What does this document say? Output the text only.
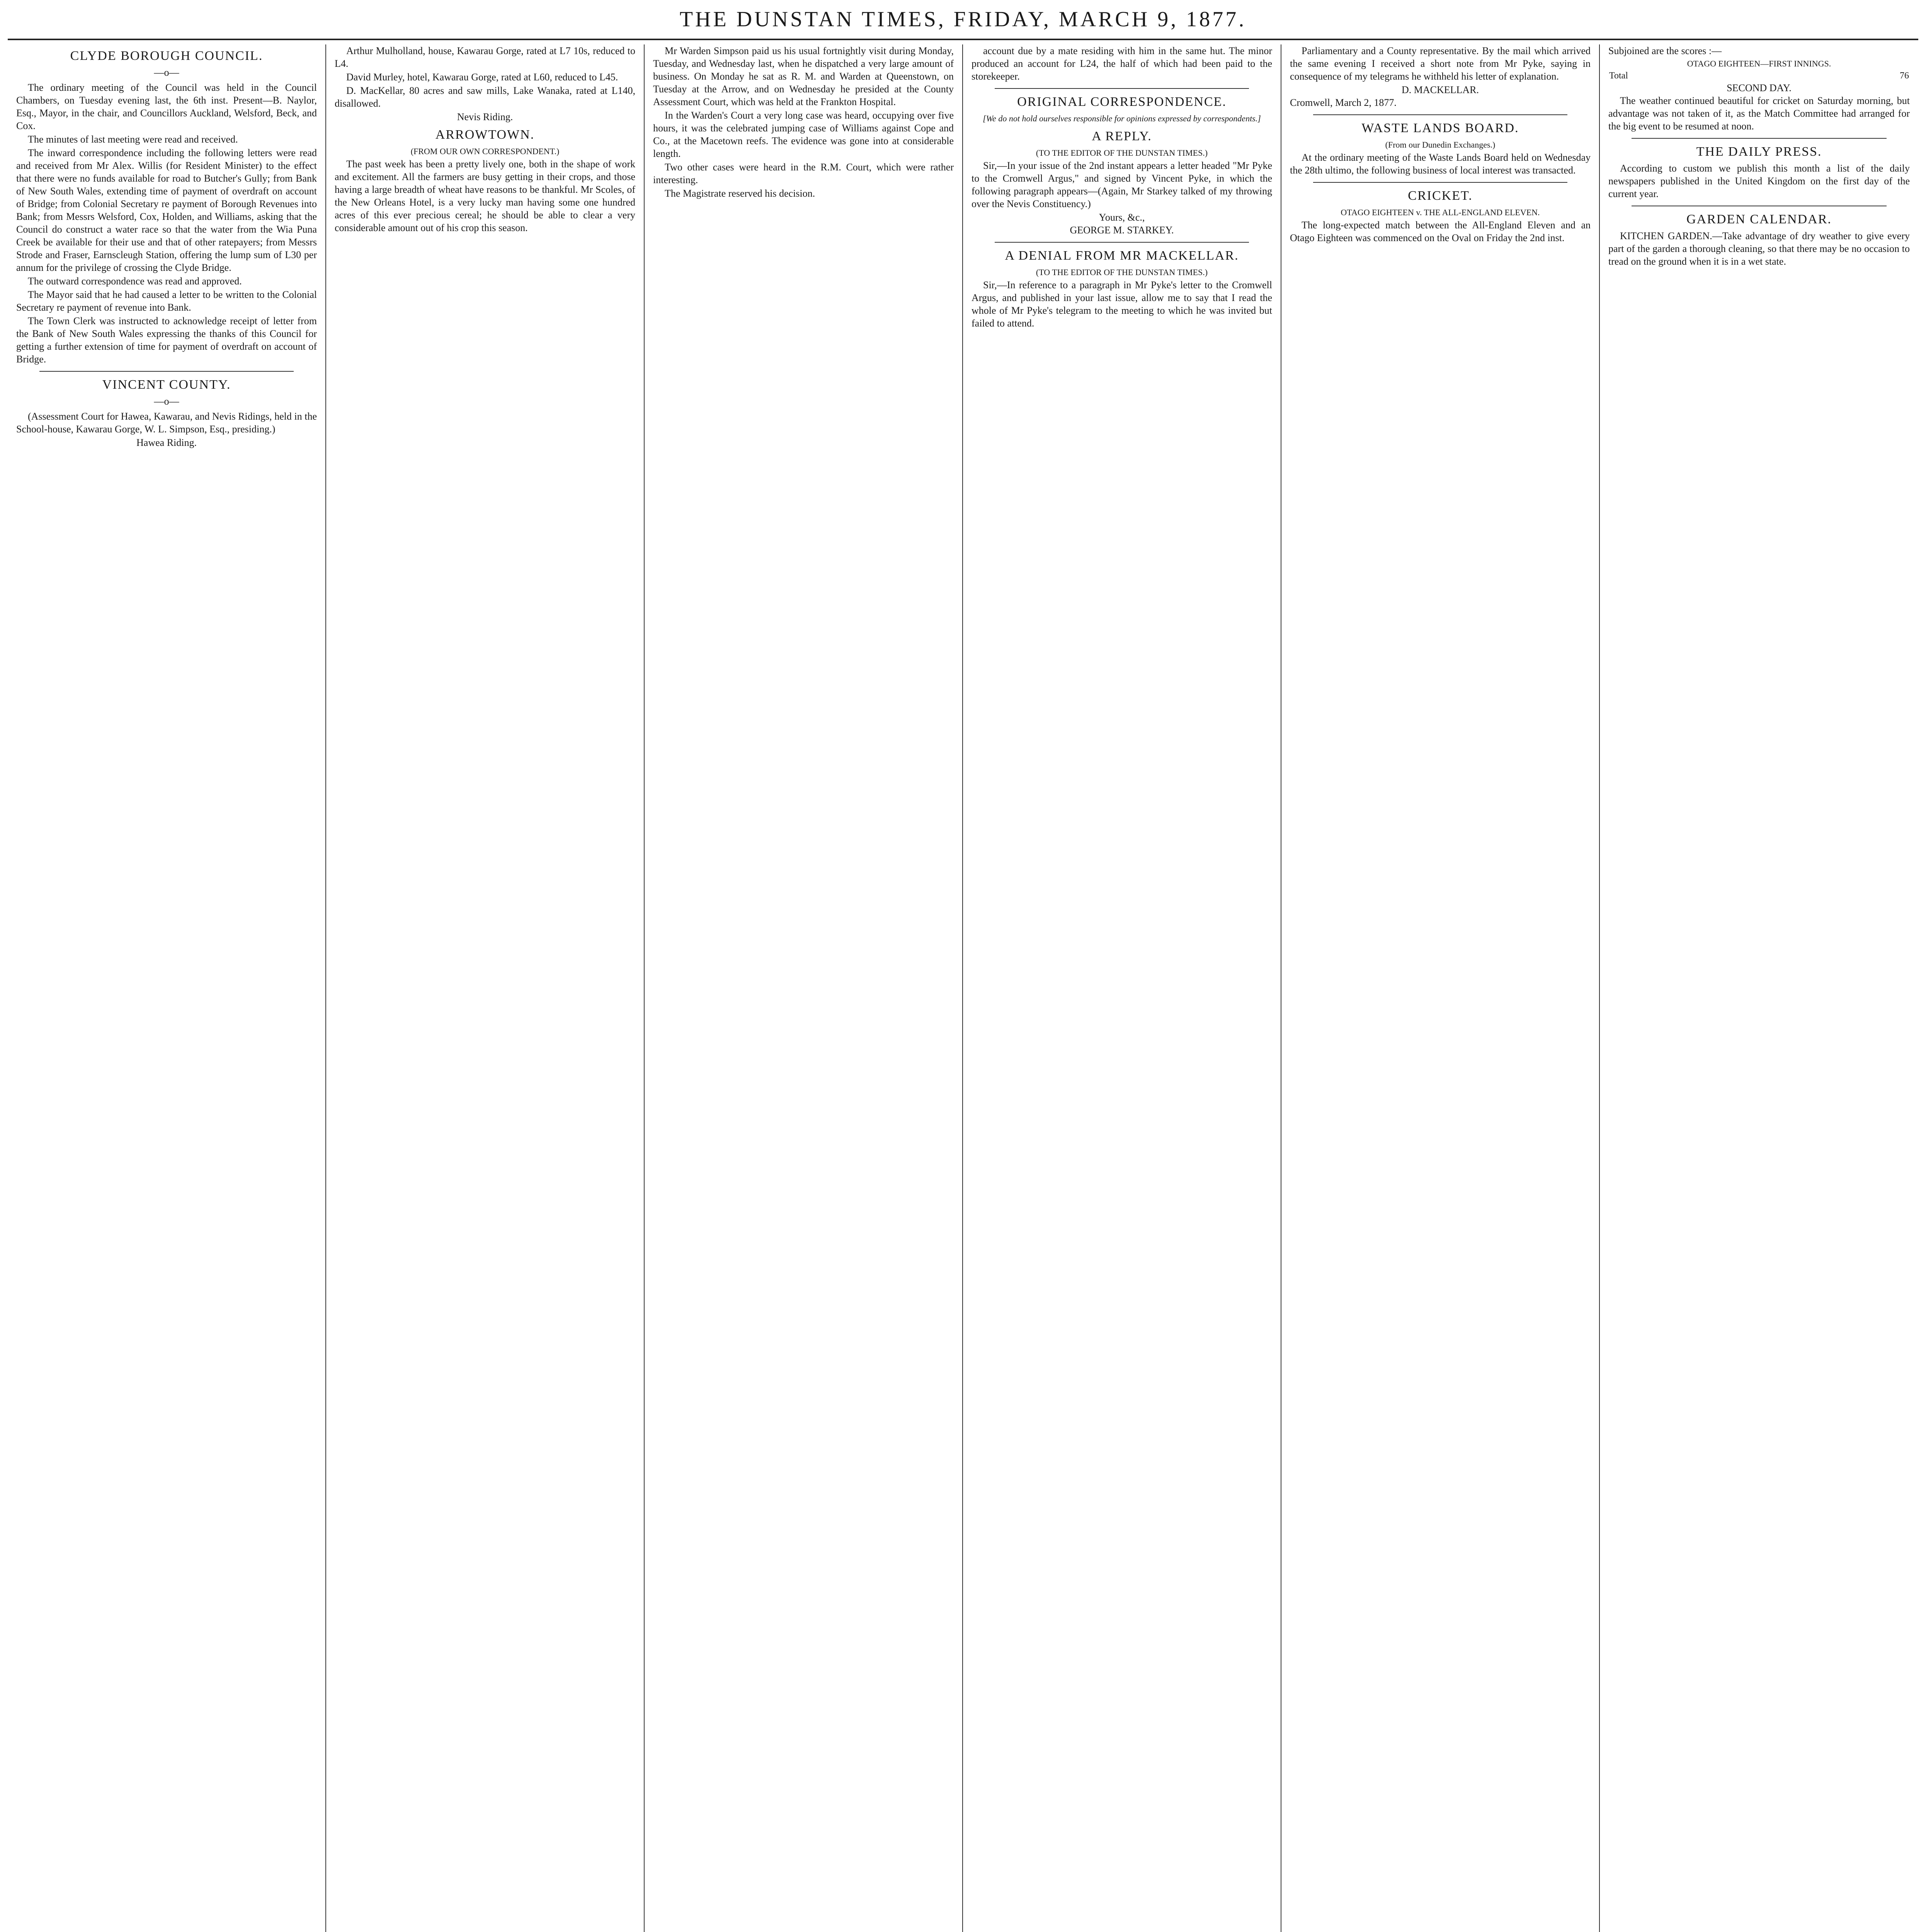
THE DUNSTAN TIMES, FRIDAY, MARCH 9, 1877.
CLYDE BOROUGH COUNCIL.
—o—

The ordinary meeting of the Council was held in the Council Chambers, on Tuesday evening last, the 6th inst. Present—B. Naylor, Esq., Mayor, in the chair, and Councillors Auckland, Welsford, Beck, and Cox.

The minutes of last meeting were read and received.

The inward correspondence including the following letters were read and received from Mr Alex. Willis (for Resident Minister) to the effect that there were no funds available for road to Butcher's Gully; from Bank of New South Wales, extending time of payment of overdraft on account of Bridge; from Colonial Secretary re payment of Borough Revenues into Bank; from Messrs Welsford, Cox, Holden, and Williams, asking that the Council do construct a water race so that the water from the Wia Puna Creek be available for their use and that of other ratepayers; from Messrs Strode and Fraser, Earnscleugh Station, offering the lump sum of L30 per annum for the privilege of crossing the Clyde Bridge.

The outward correspondence was read and approved.

The Mayor said that he had caused a letter to be written to the Colonial Secretary re payment of revenue into Bank.

The Town Clerk was instructed to acknowledge receipt of letter from the Bank of New South Wales expressing the thanks of this Council for getting a further extension of time for payment of overdraft on account of Bridge.

VINCENT COUNTY.
—o—

(Assessment Court for Hawea, Kawarau, and Nevis Ridings, held in the School-house, Kawarau Gorge, W. L. Simpson, Esq., presiding.)

Hawea Riding.

Arthur Mulholland, house, Kawarau Gorge, rated at L7 10s, reduced to L4.

David Murley, hotel, Kawarau Gorge, rated at L60, reduced to L45.

D. MacKellar, 80 acres and saw mills, Lake Wanaka, rated at L140, disallowed.

Nevis Riding.
ARROWTOWN.
(FROM OUR OWN CORRESPONDENT.)

The past week has been a pretty lively one, both in the shape of work and excitement. All the farmers are busy getting in their crops, and those having a large breadth of wheat have reasons to be thankful. Mr Scoles, of the New Orleans Hotel, is a very lucky man having some one hundred acres of this ever precious cereal; he should be able to clear a very considerable amount out of his crop this season.

Mr Warden Simpson paid us his usual fortnightly visit during Monday, Tuesday, and Wednesday last, when he dispatched a very large amount of business. On Monday he sat as R. M. and Warden at Queenstown, on Tuesday at the Arrow, and on Wednesday he presided at the County Assessment Court, which was held at the Frankton Hospital.

In the Warden's Court a very long case was heard, occupying over five hours, it was the celebrated jumping case of Williams against Cope and Co., at the Macetown reefs. The evidence was gone into at considerable length.

Two other cases were heard in the R.M. Court, which were rather interesting.

The Magistrate reserved his decision.

account due by a mate residing with him in the same hut. The minor produced an account for L24, the half of which had been paid to the storekeeper.

ORIGINAL CORRESPONDENCE.
[We do not hold ourselves responsible for opinions expressed by correspondents.]
A REPLY.
(TO THE EDITOR OF THE DUNSTAN TIMES.)

Sir,—In your issue of the 2nd instant appears a letter headed "Mr Pyke to the Cromwell Argus," and signed by Vincent Pyke, in which the following paragraph appears—(Again, Mr Starkey talked of my throwing over the Nevis Constituency.)

Yours, &c.,
GEORGE M. STARKEY.
A DENIAL FROM MR MACKELLAR.
(TO THE EDITOR OF THE DUNSTAN TIMES.)

Sir,—In reference to a paragraph in Mr Pyke's letter to the Cromwell Argus, and published in your last issue, allow me to say that I read the whole of Mr Pyke's telegram to the meeting to which he was invited but failed to attend.

Parliamentary and a County representative. By the mail which arrived the same evening I received a short note from Mr Pyke, saying in consequence of my telegrams he withheld his letter of explanation.

D. MACKELLAR.
Cromwell, March 2, 1877.
WASTE LANDS BOARD.
(From our Dunedin Exchanges.)

At the ordinary meeting of the Waste Lands Board held on Wednesday the 28th ultimo, the following business of local interest was transacted.

CRICKET.
OTAGO EIGHTEEN v. THE ALL-ENGLAND ELEVEN.

The long-expected match between the All-England Eleven and an Otago Eighteen was commenced on the Oval on Friday the 2nd inst.

Subjoined are the scores :—
OTAGO EIGHTEEN—FIRST INNINGS.
Total	76
SECOND DAY.

The weather continued beautiful for cricket on Saturday morning, but advantage was not taken of it, as the Match Committee had arranged for the big event to be resumed at noon.

THE DAILY PRESS.

According to custom we publish this month a list of the daily newspapers published in the United Kingdom on the first day of the current year.

GARDEN CALENDAR.

KITCHEN GARDEN.—Take advantage of dry weather to give every part of the garden a thorough cleaning, so that there may be no occasion to tread on the ground when it is in a wet state.
